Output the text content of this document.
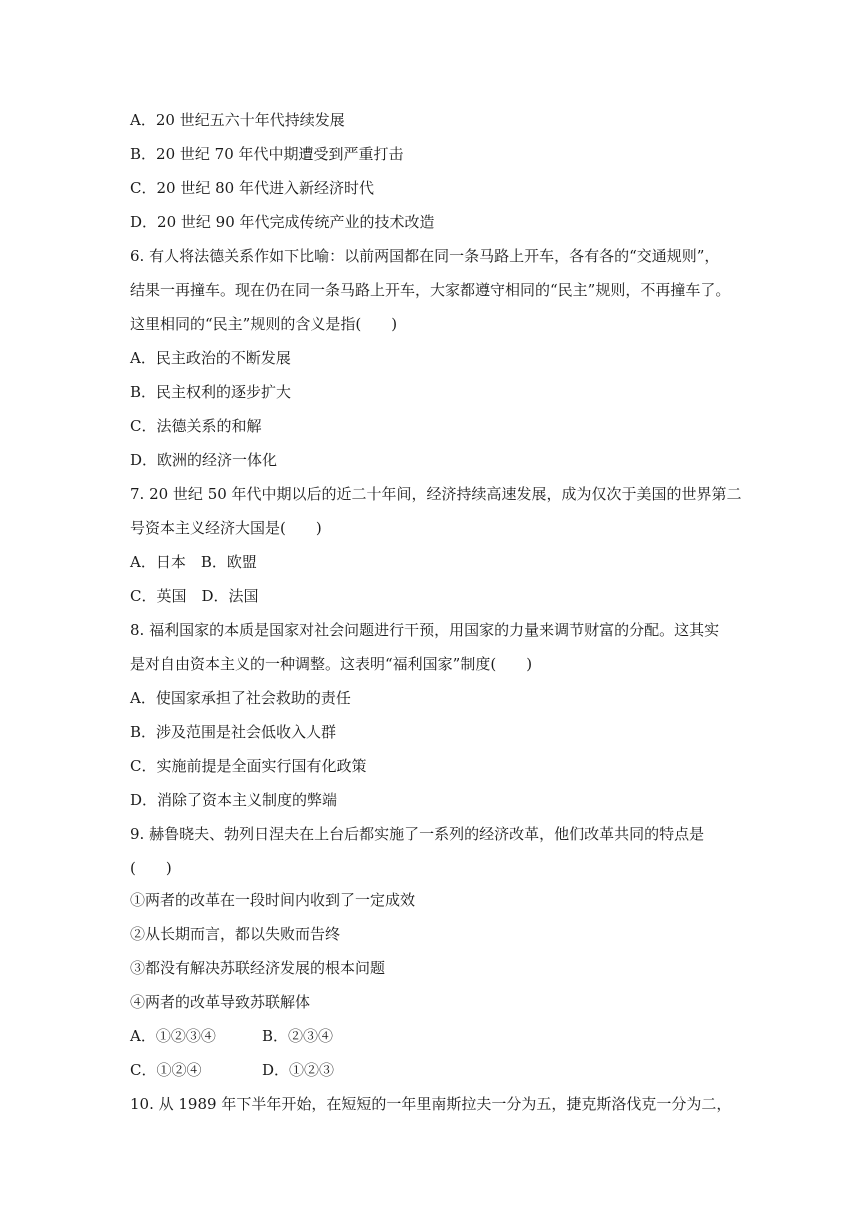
A．20 世纪五六十年代持续发展
B．20 世纪 70 年代中期遭受到严重打击
C．20 世纪 80 年代进入新经济时代
D．20 世纪 90 年代完成传统产业的技术改造
6. 有人将法德关系作如下比喻：以前两国都在同一条马路上开车，各有各的“交通规则”，
结果一再撞车。现在仍在同一条马路上开车，大家都遵守相同的“民主”规则，不再撞车了。
这里相同的“民主”规则的含义是指(　　)
A．民主政治的不断发展
B．民主权利的逐步扩大
C．法德关系的和解
D．欧洲的经济一体化
7. 20 世纪 50 年代中期以后的近二十年间，经济持续高速发展，成为仅次于美国的世界第二
号资本主义经济大国是(　　)
A．日本　B．欧盟
C．英国　D．法国
8. 福利国家的本质是国家对社会问题进行干预，用国家的力量来调节财富的分配。这其实
是对自由资本主义的一种调整。这表明“福利国家”制度(　　)
A．使国家承担了社会救助的责任
B．涉及范围是社会低收入人群
C．实施前提是全面实行国有化政策
D．消除了资本主义制度的弊端
9. 赫鲁晓夫、勃列日涅夫在上台后都实施了一系列的经济改革，他们改革共同的特点是
(　　)
①两者的改革在一段时间内收到了一定成效
②从长期而言，都以失败而告终
③都没有解决苏联经济发展的根本问题
④两者的改革导致苏联解体
A．①②③④	B．②③④
C．①②④	D．①②③
10. 从 1989 年下半年开始，在短短的一年里南斯拉夫一分为五，捷克斯洛伐克一分为二，
